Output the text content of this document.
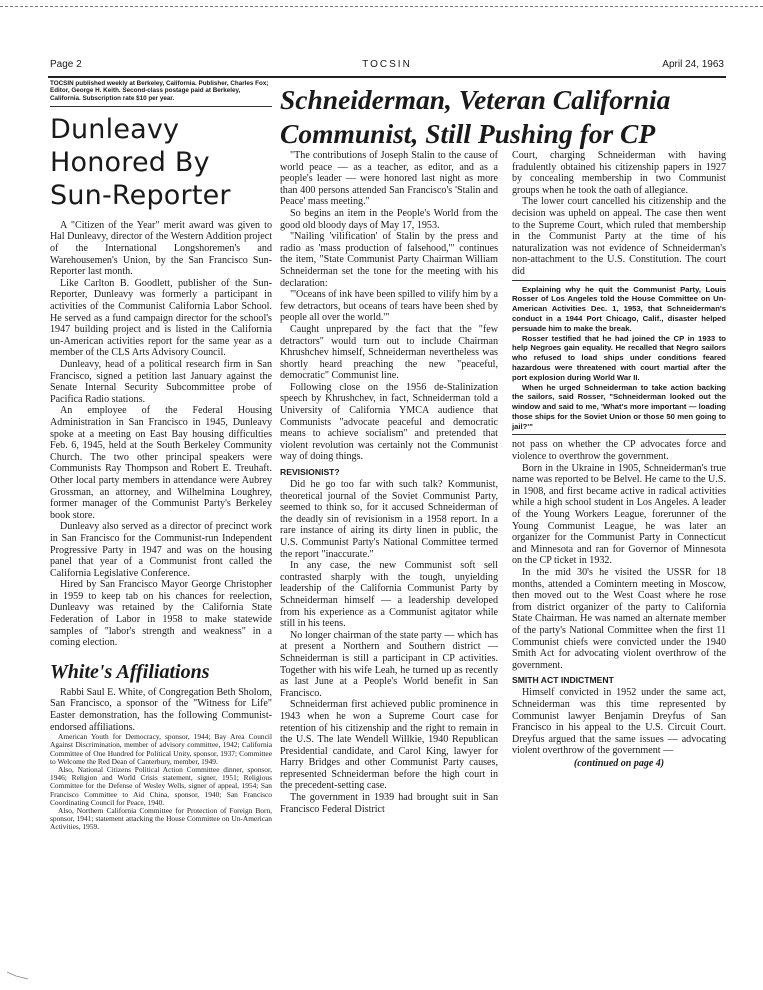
Page 2	TOCSIN	April 24, 1963
TOCSIN published weekly at Berkeley, California. Publisher, Charles Fox; Editor, George H. Keith. Second-class postage paid at Berkeley, California. Subscription rate $10 per year.
Dunleavy Honored By Sun-Reporter

A "Citizen of the Year" merit award was given to Hal Dunleavy, director of the Western Addition project of the International Longshoremen's and Warehousemen's Union, by the San Francisco Sun-Reporter last month.

Like Carlton B. Goodlett, publisher of the Sun-Reporter, Dunleavy was formerly a participant in activities of the Communist California Labor School. He served as a fund campaign director for the school's 1947 building project and is listed in the California un-American activities report for the same year as a member of the CLS Arts Advisory Council.

Dunleavy, head of a political research firm in San Francisco, signed a petition last January against the Senate Internal Security Subcommittee probe of Pacifica Radio stations.

An employee of the Federal Housing Administration in San Francisco in 1945, Dunleavy spoke at a meeting on East Bay housing difficulties Feb. 6, 1945, held at the South Berkeley Community Church. The two other principal speakers were Communists Ray Thompson and Robert E. Treuhaft. Other local party members in attendance were Aubrey Grossman, an attorney, and Wilhelmina Loughrey, former manager of the Communist Party's Berkeley book store.

Dunleavy also served as a director of precinct work in San Francisco for the Communist-run Independent Progressive Party in 1947 and was on the housing panel that year of a Communist front called the California Legislative Conference.

Hired by San Francisco Mayor George Christopher in 1959 to keep tab on his chances for reelection, Dunleavy was retained by the California State Federation of Labor in 1958 to make statewide samples of "labor's strength and weakness" in a coming election.

White's Affiliations

Rabbi Saul E. White, of Congregation Beth Sholom, San Francisco, a sponsor of the "Witness for Life" Easter demonstration, has the following Communist-endorsed affiliations.

American Youth for Democracy, sponsor, 1944; Bay Area Council Against Discrimination, member of advisory committee, 1942; California Committee of One Hundred for Political Unity, sponsor, 1937; Committee to Welcome the Red Dean of Canterbury, member, 1949.

Also, National Citizens Political Action Committee dinner, sponsor, 1946; Religion and World Crisis statement, signer, 1951; Religious Committee for the Defense of Wesley Wells, signer of appeal, 1954; San Francisco Committee to Aid China, sponsor, 1940; San Francisco Coordinating Council for Peace, 1940.

Also, Northern California Committee for Protection of Foreign Born, sponsor, 1941; statement attacking the House Committee on Un-American Activities, 1959.

Schneiderman, Veteran California Communist, Still Pushing for CP

"The contributions of Joseph Stalin to the cause of world peace — as a teacher, as editor, and as a people's leader — were honored last night as more than 400 persons attended San Francisco's 'Stalin and Peace' mass meeting."

So begins an item in the People's World from the good old bloody days of May 17, 1953.

"Nailing 'vilification' of Stalin by the press and radio as 'mass production of falsehood,'" continues the item, "State Communist Party Chairman William Schneiderman set the tone for the meeting with his declaration:

"'Oceans of ink have been spilled to vilify him by a few detractors, but oceans of tears have been shed by people all over the world.'"

Caught unprepared by the fact that the "few detractors" would turn out to include Chairman Khrushchev himself, Schneiderman nevertheless was shortly heard preaching the new "peaceful, democratic" Communist line.

Following close on the 1956 de-Stalinization speech by Khrushchev, in fact, Schneiderman told a University of California YMCA audience that Communists "advocate peaceful and democratic means to achieve socialism" and pretended that violent revolution was certainly not the Communist way of doing things.

REVISIONIST?

Did he go too far with such talk? Kommunist, theoretical journal of the Soviet Communist Party, seemed to think so, for it accused Schneiderman of the deadly sin of revisionism in a 1958 report. In a rare instance of airing its dirty linen in public, the U.S. Communist Party's National Committee termed the report "inaccurate."

In any case, the new Communist soft sell contrasted sharply with the tough, unyielding leadership of the California Communist Party by Schneiderman himself — a leadership developed from his experience as a Communist agitator while still in his teens.

No longer chairman of the state party — which has at present a Northern and Southern district — Schneiderman is still a participant in CP activities. Together with his wife Leah, he turned up as recently as last June at a People's World benefit in San Francisco.

Schneiderman first achieved public prominence in 1943 when he won a Supreme Court case for retention of his citizenship and the right to remain in the U.S. The late Wendell Willkie, 1940 Republican Presidential candidate, and Carol King, lawyer for Harry Bridges and other Communist Party causes, represented Schneiderman before the high court in the precedent-setting case.

The government in 1939 had brought suit in San Francisco Federal District

Court, charging Schneiderman with having fradulently obtained his citizenship papers in 1927 by concealing membership in two Communist groups when he took the oath of allegiance.

The lower court cancelled his citizenship and the decision was upheld on appeal. The case then went to the Supreme Court, which ruled that membership in the Communist Party at the time of his naturalization was not evidence of Schneiderman's non-attachment to the U.S. Constitution. The court did

Explaining why he quit the Communist Party, Louis Rosser of Los Angeles told the House Committee on Un-American Activities Dec. 1, 1953, that Schneiderman's conduct in a 1944 Port Chicago, Calif., disaster helped persuade him to make the break.

Rosser testified that he had joined the CP in 1933 to help Negroes gain equality. He recalled that Negro sailors who refused to load ships under conditions feared hazardous were threatened with court martial after the port explosion during World War II.

When he urged Schneiderman to take action backing the sailors, said Rosser, "Schneiderman looked out the window and said to me, 'What's more important — loading those ships for the Soviet Union or those 50 men going to jail?'"

not pass on whether the CP advocates force and violence to overthrow the government.

Born in the Ukraine in 1905, Schneiderman's true name was reported to be Belvel. He came to the U.S. in 1908, and first became active in radical activities while a high school student in Los Angeles. A leader of the Young Workers League, forerunner of the Young Communist League, he was later an organizer for the Communist Party in Connecticut and Minnesota and ran for Governor of Minnesota on the CP ticket in 1932.

In the mid 30's he visited the USSR for 18 months, attended a Comintern meeting in Moscow, then moved out to the West Coast where he rose from district organizer of the party to California State Chairman. He was named an alternate member of the party's National Committee when the first 11 Communist chiefs were convicted under the 1940 Smith Act for advocating violent overthrow of the government.

SMITH ACT INDICTMENT

Himself convicted in 1952 under the same act, Schneiderman was this time represented by Communist lawyer Benjamin Dreyfus of San Francisco in his appeal to the U.S. Circuit Court. Dreyfus argued that the same issues — advocating violent overthrow of the government —

(continued on page 4)
